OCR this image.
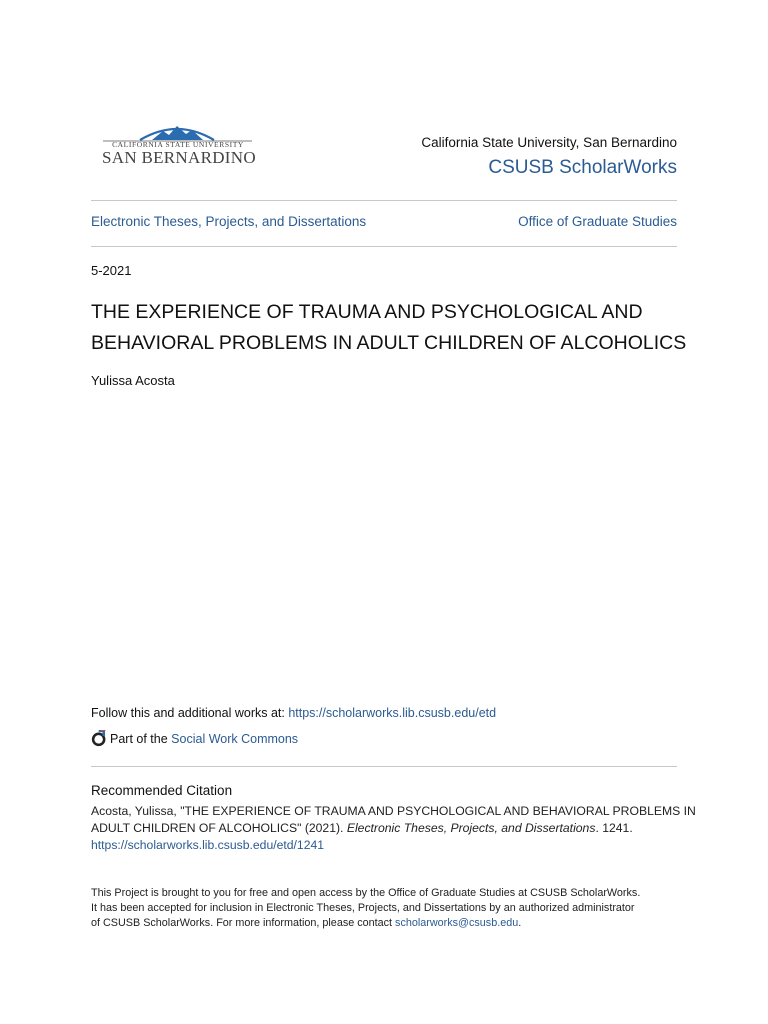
CALIFORNIA STATE UNIVERSITY
SAN BERNARDINO
California State University, San Bernardino
CSUSB ScholarWorks
Electronic Theses, Projects, and Dissertations	Office of Graduate Studies
5-2021
THE EXPERIENCE OF TRAUMA AND PSYCHOLOGICAL AND
BEHAVIORAL PROBLEMS IN ADULT CHILDREN OF ALCOHOLICS
Yulissa Acosta
Follow this and additional works at: https://scholarworks.lib.csusb.edu/etd
Part of the
Social Work Commons
Recommended Citation
Acosta, Yulissa, "THE EXPERIENCE OF TRAUMA AND PSYCHOLOGICAL AND BEHAVIORAL PROBLEMS IN
ADULT CHILDREN OF ALCOHOLICS" (2021). Electronic Theses, Projects, and Dissertations. 1241.
https://scholarworks.lib.csusb.edu/etd/1241
This Project is brought to you for free and open access by the Office of Graduate Studies at CSUSB ScholarWorks.
It has been accepted for inclusion in Electronic Theses, Projects, and Dissertations by an authorized administrator
of CSUSB ScholarWorks. For more information, please contact scholarworks@csusb.edu.
